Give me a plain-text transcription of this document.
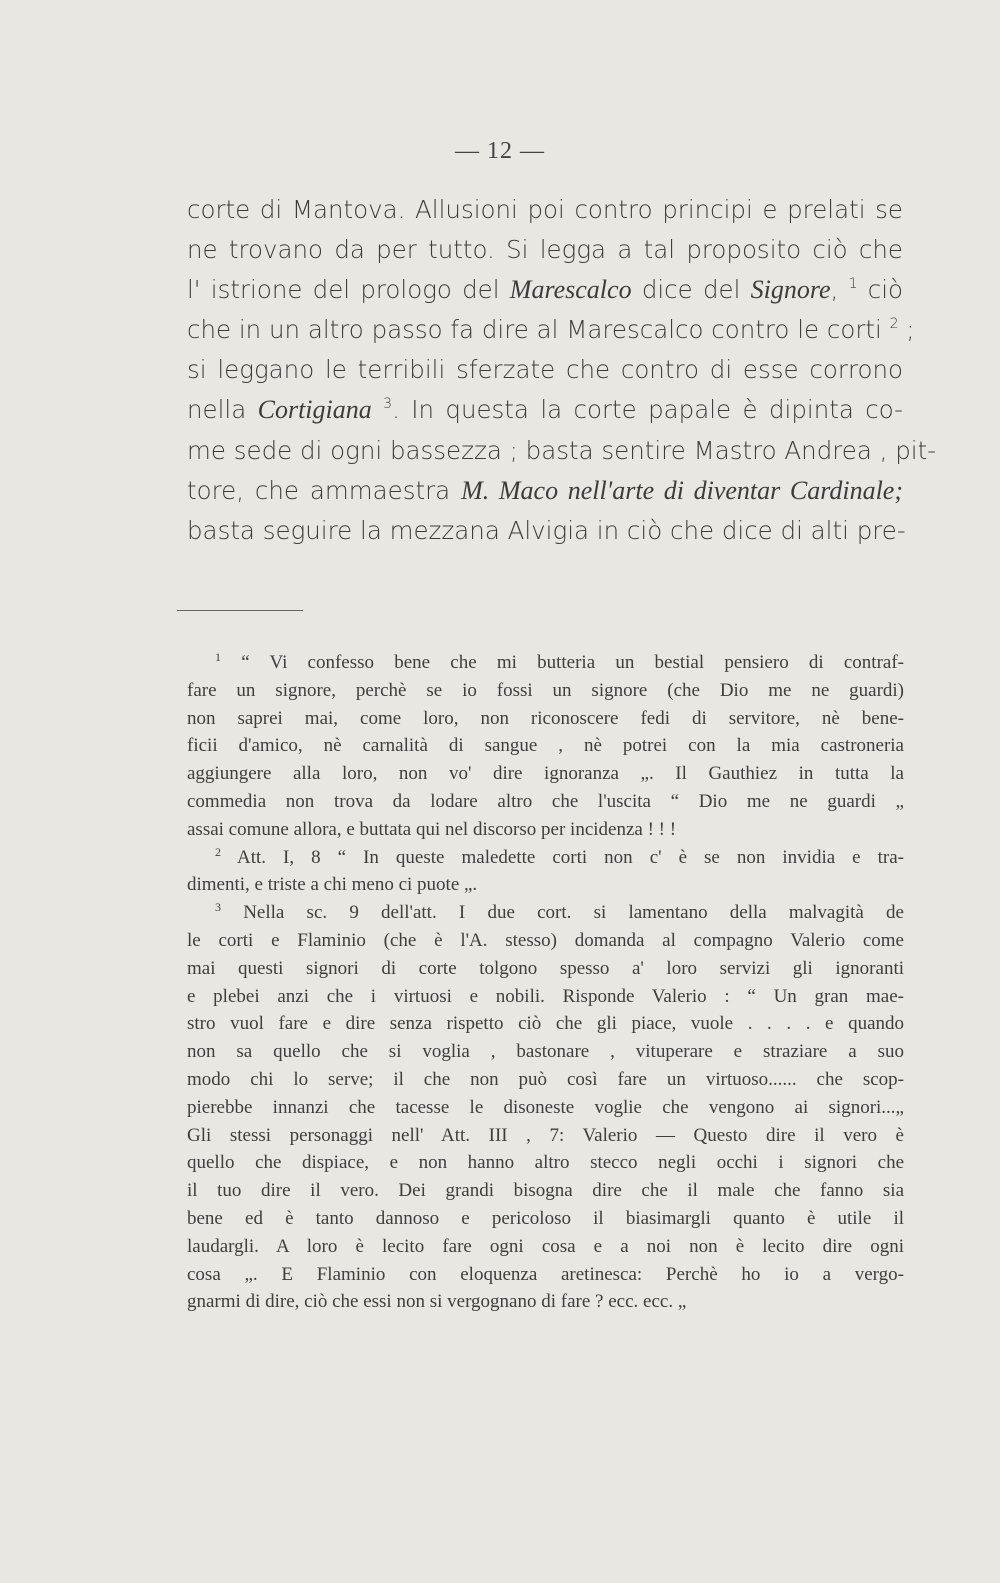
— 12 —
corte di Mantova. Allusioni poi contro principi e prelati se
ne trovano da per tutto. Si legga a tal proposito ciò che
l' istrione del prologo del Marescalco dice del Signore, $^1$ ciò
che in un altro passo fa dire al Marescalco contro le corti $^2$ ;
si leggano le terribili sferzate che contro di esse corrono
nella Cortigiana $^3$. In questa la corte papale è dipinta co-
me sede di ogni bassezza ; basta sentire Mastro Andrea , pit-
tore, che ammaestra M. Maco nell'arte di diventar Cardinale;
basta seguire la mezzana Alvigia in ciò che dice di alti pre-
$^1$ “ Vi confesso bene che mi butteria un bestial pensiero di contraf-
fare un signore, perchè se io fossi un signore (che Dio me ne guardi)
non saprei mai, come loro, non riconoscere fedi di servitore, nè bene-
ficii d'amico, nè carnalità di sangue , nè potrei con la mia castroneria
aggiungere alla loro, non vo' dire ignoranza „. Il Gauthiez in tutta la
commedia non trova da lodare altro che l'uscita “ Dio me ne guardi „
assai comune allora, e buttata qui nel discorso per incidenza ! ! !
$^2$ Att. I, 8 “ In queste maledette corti non c' è se non invidia e tra-
dimenti, e triste a chi meno ci puote „.
$^3$ Nella sc. 9 dell'att. I due cort. si lamentano della malvagità de
le corti e Flaminio (che è l'A. stesso) domanda al compagno Valerio come
mai questi signori di corte tolgono spesso a' loro servizi gli ignoranti
e plebei anzi che i virtuosi e nobili. Risponde Valerio : “ Un gran mae-
stro vuol fare e dire senza rispetto ciò che gli piace, vuole . . . . e quando
non sa quello che si voglia , bastonare , vituperare e straziare a suo
modo chi lo serve; il che non può così fare un virtuoso...... che scop-
pierebbe innanzi che tacesse le disoneste voglie che vengono ai signori...„
Gli stessi personaggi nell' Att. III , 7: Valerio — Questo dire il vero è
quello che dispiace, e non hanno altro stecco negli occhi i signori che
il tuo dire il vero. Dei grandi bisogna dire che il male che fanno sia
bene ed è tanto dannoso e pericoloso il biasimargli quanto è utile il
laudargli. A loro è lecito fare ogni cosa e a noi non è lecito dire ogni
cosa „. E Flaminio con eloquenza aretinesca: Perchè ho io a vergo-
gnarmi di dire, ciò che essi non si vergognano di fare ? ecc. ecc. „
